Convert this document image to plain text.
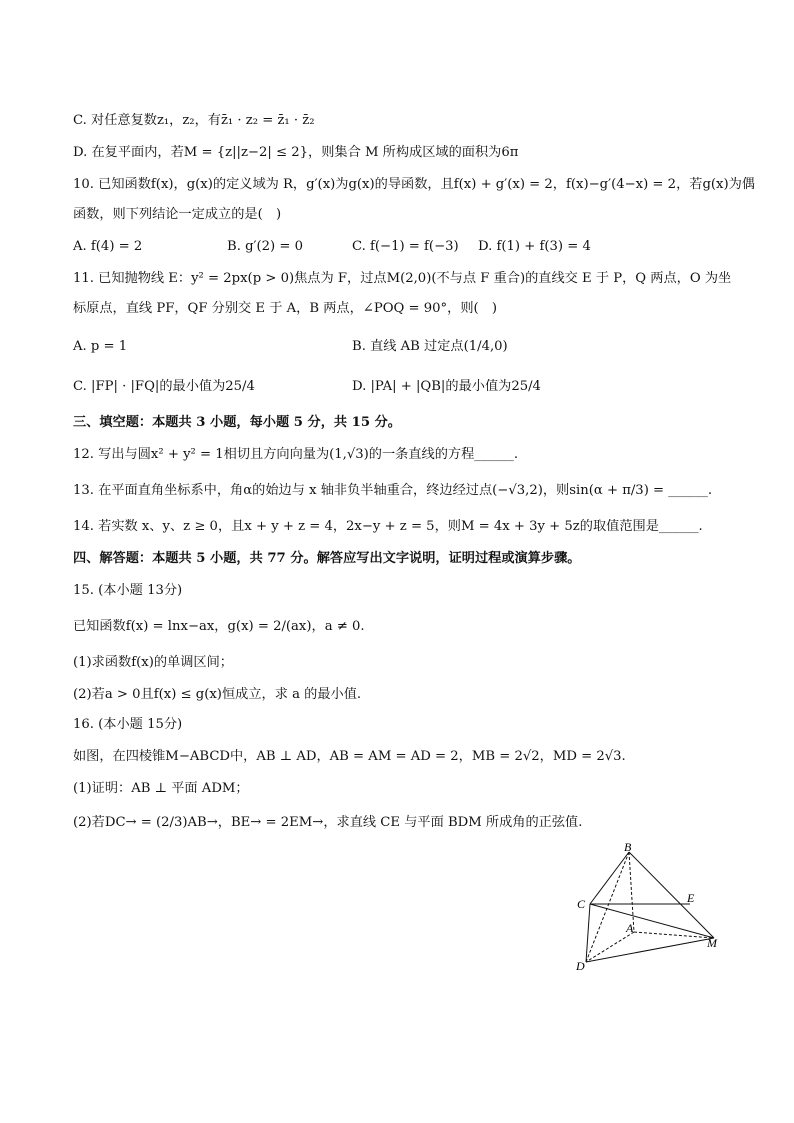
C. 对任意复数z₁，z₂，有z̄₁ · z₂ = z̄₁ · z̄₂
D. 在复平面内，若M = {z||z−2| ≤ 2}，则集合 M 所构成区域的面积为6π
10. 已知函数f(x)，g(x)的定义域为 R，g′(x)为g(x)的导函数，且f(x) + g′(x) = 2，f(x)−g′(4−x) = 2，若g(x)为偶
函数，则下列结论一定成立的是(　)
A. f(4) = 2	B. g′(2) = 0	C. f(−1) = f(−3) D. f(1) + f(3) = 4
11. 已知抛物线 E：y² = 2px(p > 0)焦点为 F，过点M(2,0)(不与点 F 重合)的直线交 E 于 P，Q 两点，O 为坐
标原点，直线 PF，QF 分别交 E 于 A，B 两点，∠POQ = 90°，则(　)
A. p = 1	B. 直线 AB 过定点(1/4,0)
C. |FP| · |FQ|的最小值为25/4	D. |PA| + |QB|的最小值为25/4
三、填空题：本题共 3 小题，每小题 5 分，共 15 分。
12. 写出与圆x² + y² = 1相切且方向向量为(1,√3)的一条直线的方程______.
13. 在平面直角坐标系中，角α的始边与 x 轴非负半轴重合，终边经过点(−√3,2)，则sin(α + π/3) = ______.
14. 若实数 x、y、z ≥ 0，且x + y + z = 4，2x−y + z = 5，则M = 4x + 3y + 5z的取值范围是______.
四、解答题：本题共 5 小题，共 77 分。解答应写出文字说明，证明过程或演算步骤。
15. (本小题 13分)
已知函数f(x) = lnx−ax，g(x) = 2/(ax)，a ≠ 0.
(1)求函数f(x)的单调区间；
(2)若a > 0且f(x) ≤ g(x)恒成立，求 a 的最小值.
16. (本小题 15分)
如图，在四棱锥M−ABCD中，AB ⊥ AD，AB = AM = AD = 2，MB = 2√2，MD = 2√3.
(1)证明：AB ⊥ 平面 ADM；
(2)若DC→ = (2/3)AB→，BE→ = 2EM→，求直线 CE 与平面 BDM 所成角的正弦值.
B
C	E
A
M
D
